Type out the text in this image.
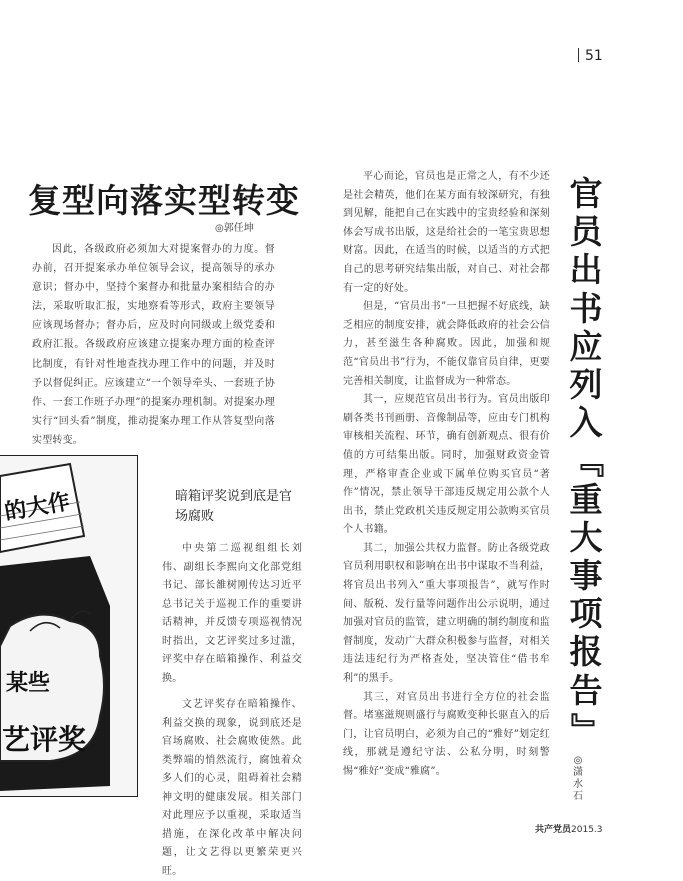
51
复型向落实型转变
◎郭任坤

因此，各级政府必须加大对提案督办的力度。督办前，召开提案承办单位领导会议，提高领导的承办意识；督办中，坚持个案督办和批量办案相结合的办法，采取听取汇报，实地察看等形式，政府主要领导应该现场督办；督办后，应及时向同级或上级党委和政府汇报。各级政府应该建立提案办理方面的检查评比制度，有针对性地查找办理工作中的问题，并及时予以督促纠正。应该建立“一个领导牵头、一套班子协作、一套工作班子办理”的提案办理机制。对提案办理实行“回头看”制度，推动提案办理工作从答复型向落实型转变。

的大作
某些
艺评奖
暗箱评奖说到底是官场腐败

中央第二巡视组组长刘伟、副组长李熙向文化部党组书记、部长雒树刚传达习近平总书记关于巡视工作的重要讲话精神，并反馈专项巡视情况时指出，文艺评奖过多过滥，评奖中存在暗箱操作、利益交换。

文艺评奖存在暗箱操作、利益交换的现象，说到底还是官场腐败、社会腐败使然。此类弊端的悄然流行，腐蚀着众多人们的心灵，阻碍着社会精神文明的健康发展。相关部门对此理应予以重视，采取适当措施，在深化改革中解决问题，让文艺得以更繁荣更兴旺。

平心而论，官员也是正常之人，有不少还是社会精英，他们在某方面有较深研究，有独到见解，能把自己在实践中的宝贵经验和深刻体会写成书出版，这是给社会的一笔宝贵思想财富。因此，在适当的时候，以适当的方式把自己的思考研究结集出版，对自己、对社会都有一定的好处。

但是，“官员出书”一旦把握不好底线，缺乏相应的制度安排，就会降低政府的社会公信力，甚至滋生各种腐败。因此，加强和规范“官员出书”行为，不能仅靠官员自律，更要完善相关制度，让监督成为一种常态。

其一，应规范官员出书行为。官员出版印刷各类书刊画册、音像制品等，应由专门机构审核相关流程、环节，确有创新观点、很有价值的方可结集出版。同时，加强财政资金管理，严格审查企业或下属单位购买官员“著作”情况，禁止领导干部违反规定用公款个人出书，禁止党政机关违反规定用公款购买官员个人书籍。

其二，加强公共权力监督。防止各级党政官员利用职权和影响在出书中谋取不当利益，将官员出书列入“重大事项报告”，就写作时间、版税、发行量等问题作出公示说明，通过加强对官员的监管，建立明确的制约制度和监督制度，发动广大群众积极参与监督，对相关违法违纪行为严格查处，坚决管住“借书牟利”的黑手。

其三，对官员出书进行全方位的社会监督。堵塞滋规则盛行与腐败变种长驱直入的后门，让官员明白，必须为自己的“雅好”划定红线，那就是遵纪守法、公私分明，时刻警惕“雅好”变成“雅腐”。

官
员
出
书
应
列
入
『
重
大
事
项
报
告
』
◎
潇
水
石
共产党员2015.3
